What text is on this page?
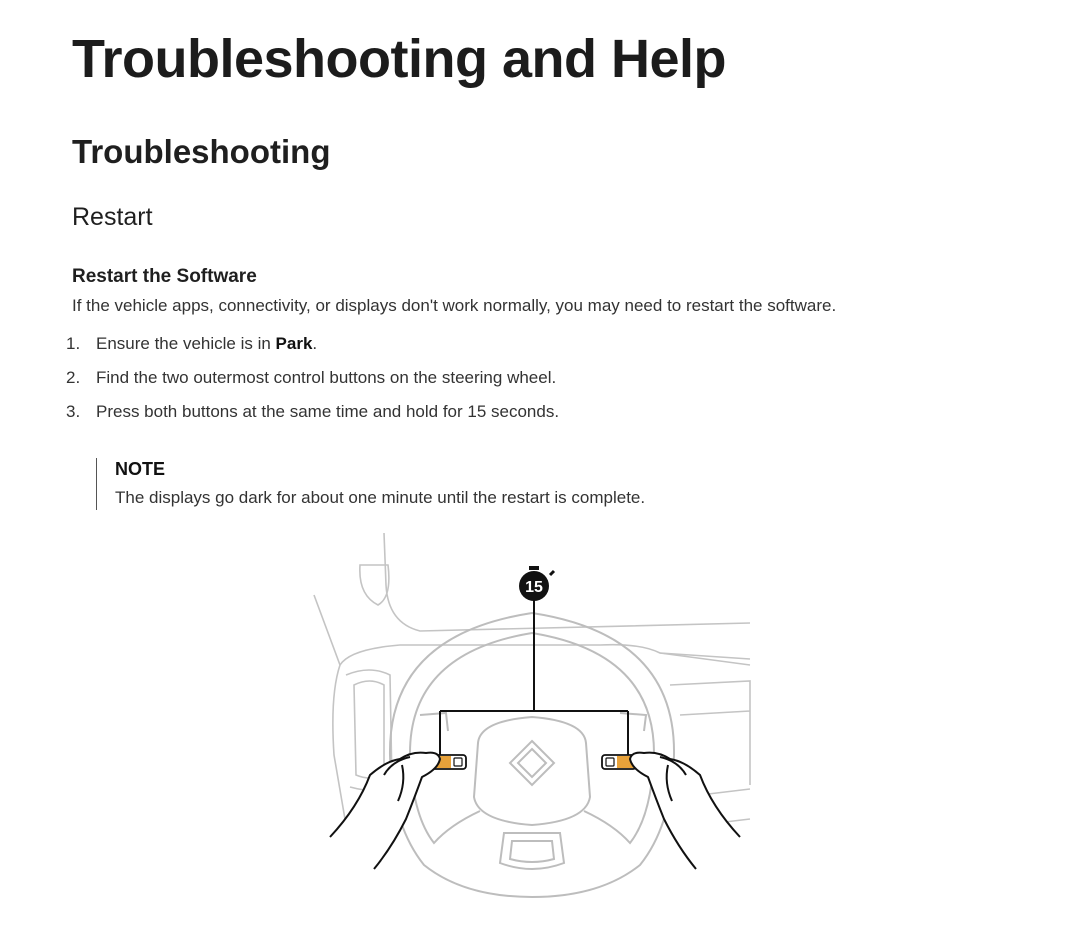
Troubleshooting and Help
Troubleshooting
Restart
Restart the Software

If the vehicle apps, connectivity, or displays don't work normally, you may need to restart the software.

1. Ensure the vehicle is in Park.
2. Find the two outermost control buttons on the steering wheel.
3. Press both buttons at the same time and hold for 15 seconds.

NOTE

The displays go dark for about one minute until the restart is complete.

15
